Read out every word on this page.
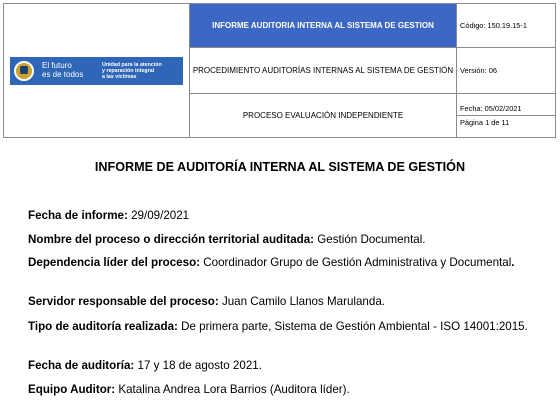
El futuro
es de todos
Unidad para la atención
y reparación integral
a las víctimas	INFORME AUDITORIA INTERNA AL SISTEMA DE GESTION	Código: 150.19.15-1
	PROCEDIMIENTO AUDITORÍAS INTERNAS AL SISTEMA DE GESTIÓN	Versión: 06
	PROCESO EVALUACIÓN INDEPENDIENTE	Fecha: 05/02/2021
Página 1 de 11
INFORME DE AUDITORÍA INTERNA AL SISTEMA DE GESTIÓN
Fecha de informe: 29/09/2021
Nombre del proceso o dirección territorial auditada: Gestión Documental.
Dependencia líder del proceso: Coordinador Grupo de Gestión Administrativa y Documental.
Servidor responsable del proceso: Juan Camilo Llanos Marulanda.
Tipo de auditoría realizada: De primera parte, Sistema de Gestión Ambiental - ISO 14001:2015.
Fecha de auditoría: 17 y 18 de agosto 2021.
Equipo Auditor: Katalina Andrea Lora Barrios (Auditora líder).
